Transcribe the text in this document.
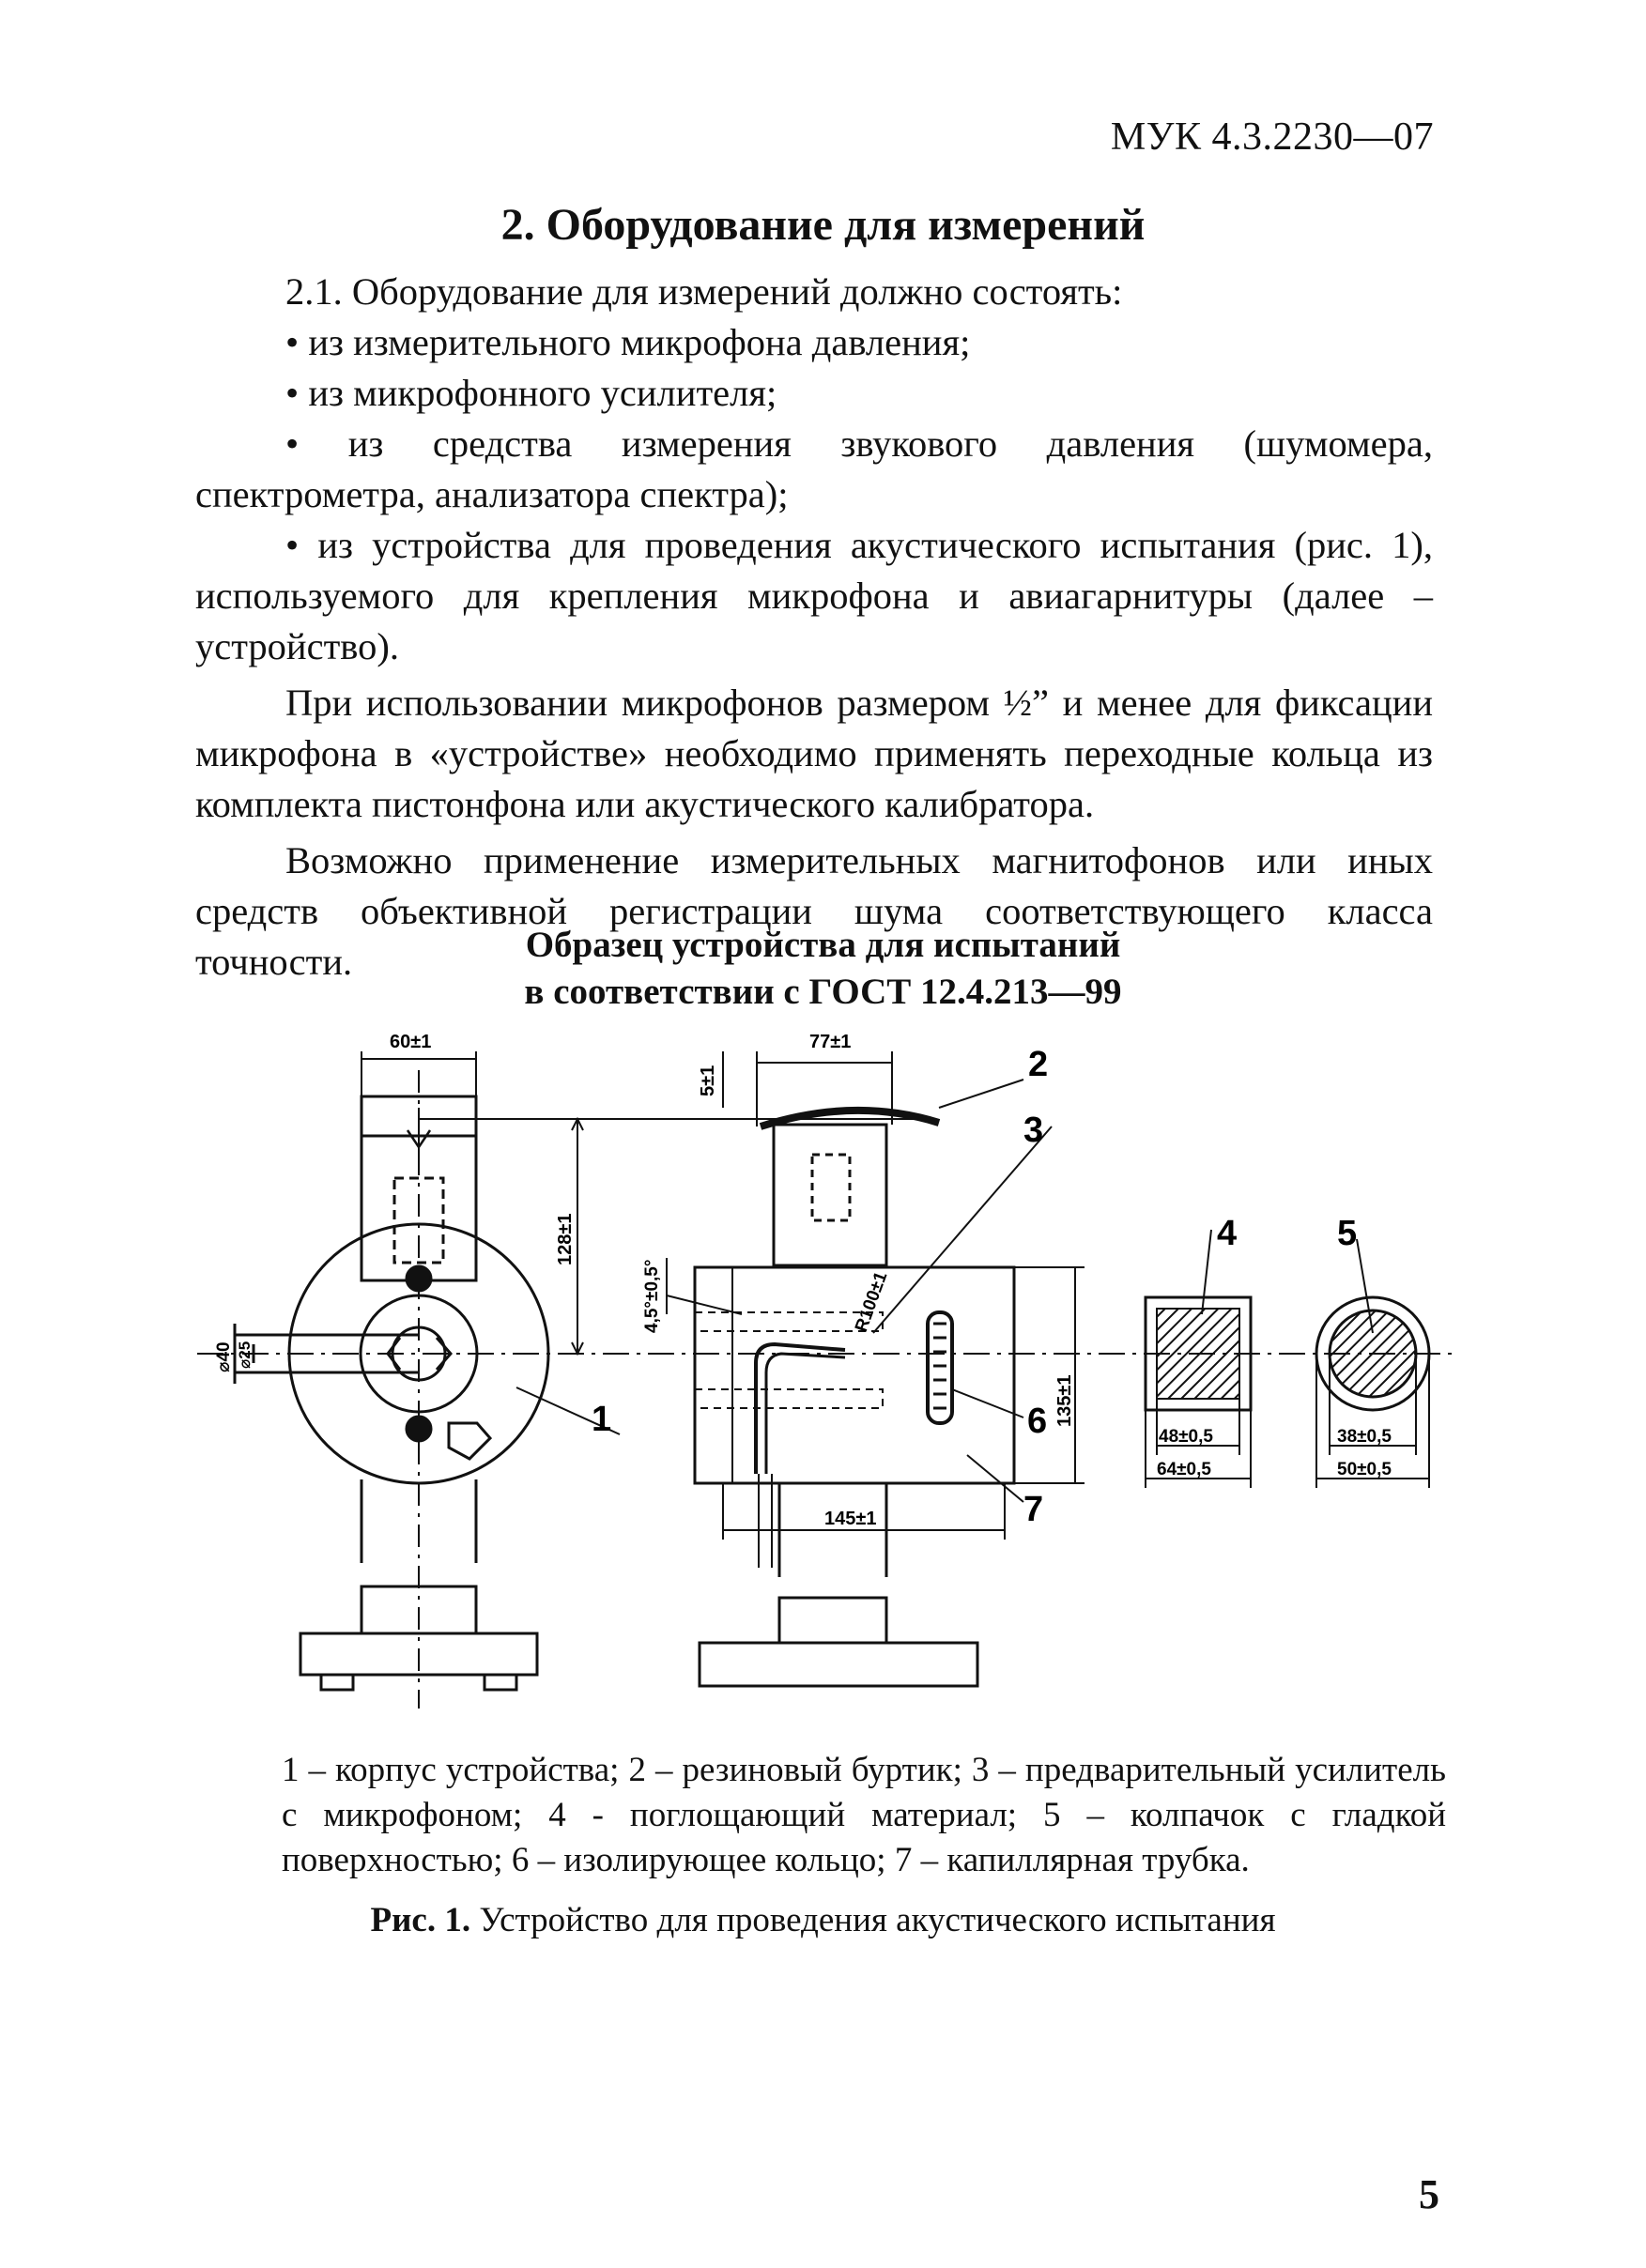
МУК 4.3.2230—07
2. Оборудование для измерений

2.1. Оборудование для измерений должно состоять:

• из измерительного микрофона давления;

• из микрофонного усилителя;

• из средства измерения звукового давления (шумомера, спектрометра, анализатора спектра);

• из устройства для проведения акустического испытания (рис. 1), используемого для крепления микрофона и авиагарнитуры (далее – устройство).

При использовании микрофонов размером ½” и менее для фиксации микрофона в «устройстве» необходимо применять переходные кольца из комплекта пистонфона или акустического калибратора.

Возможно применение измерительных магнитофонов или иных средств объективной регистрации шума соответствующего класса точности.	Образец устройства для испытаний
в соответствии с ГОСТ 12.4.213—99
60±1	77±1
5±1
128±1
4,5°±0,5°	R100±1
135±1
145±1
⌀40 ⌀25
48±0,5
64±0,5
38±0,5
50±0,5
1
2
3
4	5
6
7

1 – корпус устройства; 2 – резиновый буртик; 3 – предварительный усилитель с микрофоном; 4 - поглощающий материал; 5 – колпачок с гладкой поверхностью; 6 – изолирующее кольцо; 7 – капиллярная трубка.

Рис. 1. Устройство для проведения акустического испытания
5
